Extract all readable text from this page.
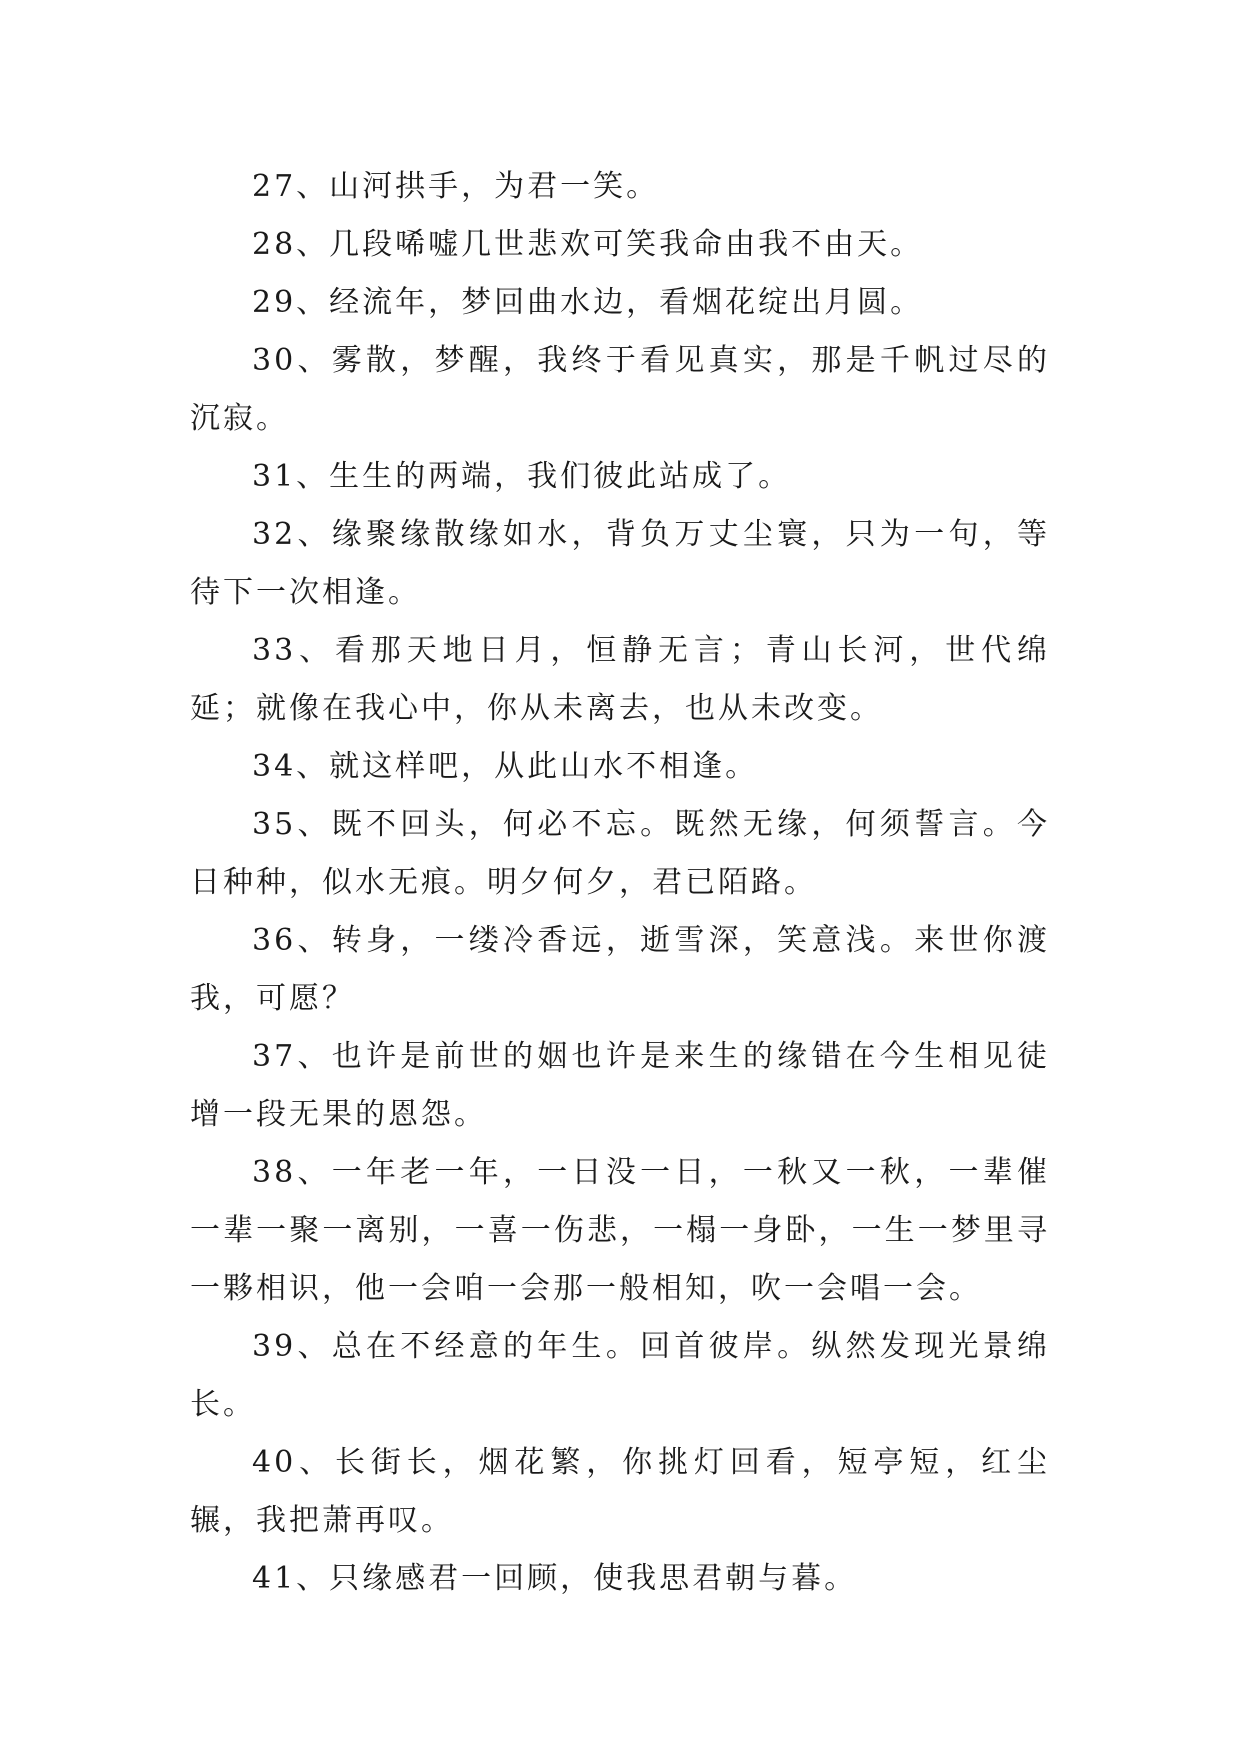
27、山河拱手，为君一笑。

28、几段唏嘘几世悲欢可笑我命由我不由天。

29、经流年，梦回曲水边，看烟花绽出月圆。

30、雾散，梦醒，我终于看见真实，那是千帆过尽的沉寂。

31、生生的两端，我们彼此站成了。

32、缘聚缘散缘如水，背负万丈尘寰，只为一句，等待下一次相逢。

33、看那天地日月，恒静无言；青山长河，世代绵延；就像在我心中，你从未离去，也从未改变。

34、就这样吧，从此山水不相逢。

35、既不回头，何必不忘。既然无缘，何须誓言。今日种种，似水无痕。明夕何夕，君已陌路。

36、转身，一缕冷香远，逝雪深，笑意浅。来世你渡我，可愿？

37、也许是前世的姻也许是来生的缘错在今生相见徒增一段无果的恩怨。

38、一年老一年，一日没一日，一秋又一秋，一辈催一辈一聚一离别，一喜一伤悲，一榻一身卧，一生一梦里寻一夥相识，他一会咱一会那一般相知，吹一会唱一会。

39、总在不经意的年生。回首彼岸。纵然发现光景绵长。

40、长街长，烟花繁，你挑灯回看，短亭短，红尘辗，我把萧再叹。

41、只缘感君一回顾，使我思君朝与暮。
